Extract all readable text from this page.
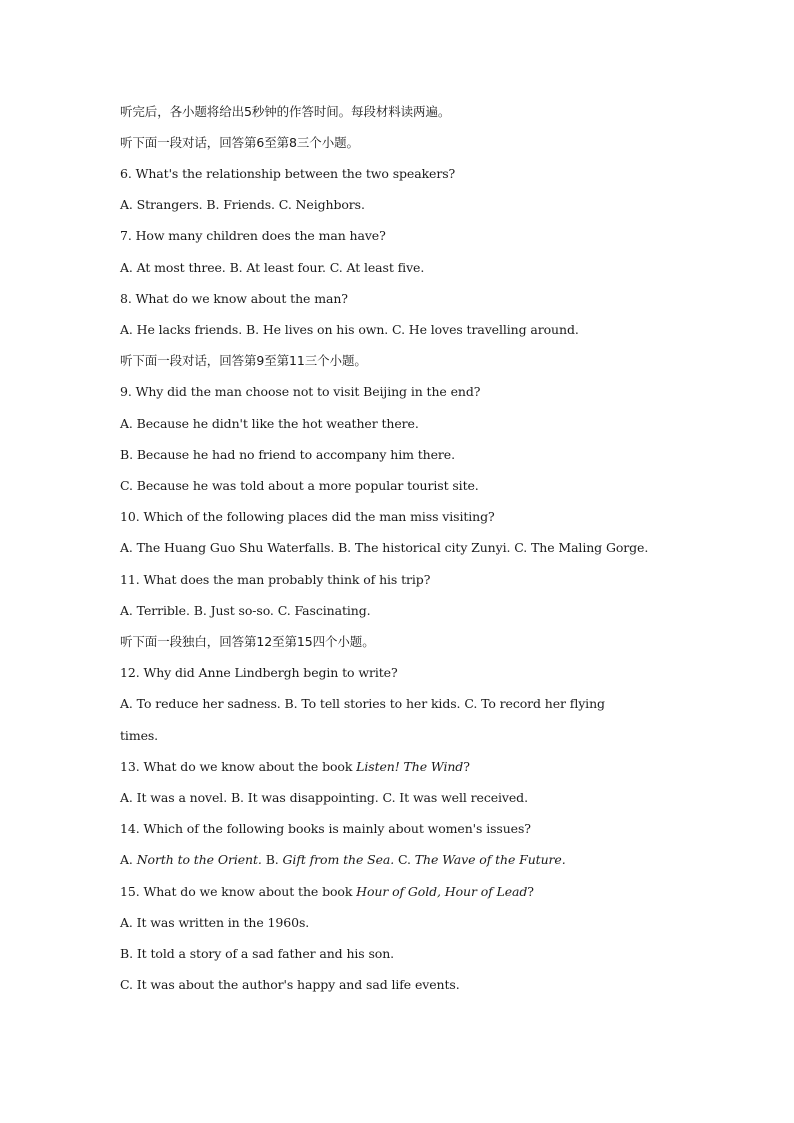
听完后，各小题将给出5秒钟的作答时间。每段材料读两遍。
听下面一段对话，回答第6至第8三个小题。
6. What's the relationship between the two speakers?
A. Strangers. B. Friends. C. Neighbors.
7. How many children does the man have?
A. At most three. B. At least four. C. At least five.
8. What do we know about the man?
A. He lacks friends. B. He lives on his own. C. He loves travelling around.
听下面一段对话，回答第9至第11三个小题。
9. Why did the man choose not to visit Beijing in the end?
A. Because he didn't like the hot weather there.
B. Because he had no friend to accompany him there.
C. Because he was told about a more popular tourist site.
10. Which of the following places did the man miss visiting?
A. The Huang Guo Shu Waterfalls. B. The historical city Zunyi. C. The Maling Gorge.
11. What does the man probably think of his trip?
A. Terrible. B. Just so-so. C. Fascinating.
听下面一段独白，回答第12至第15四个小题。
12. Why did Anne Lindbergh begin to write?
A. To reduce her sadness. B. To tell stories to her kids. C. To record her flying
times.
13. What do we know about the book Listen! The Wind?
A. It was a novel. B. It was disappointing. C. It was well received.
14. Which of the following books is mainly about women's issues?
A. North to the Orient. B. Gift from the Sea. C. The Wave of the Future.
15. What do we know about the book Hour of Gold, Hour of Lead?
A. It was written in the 1960s.
B. It told a story of a sad father and his son.
C. It was about the author's happy and sad life events.
